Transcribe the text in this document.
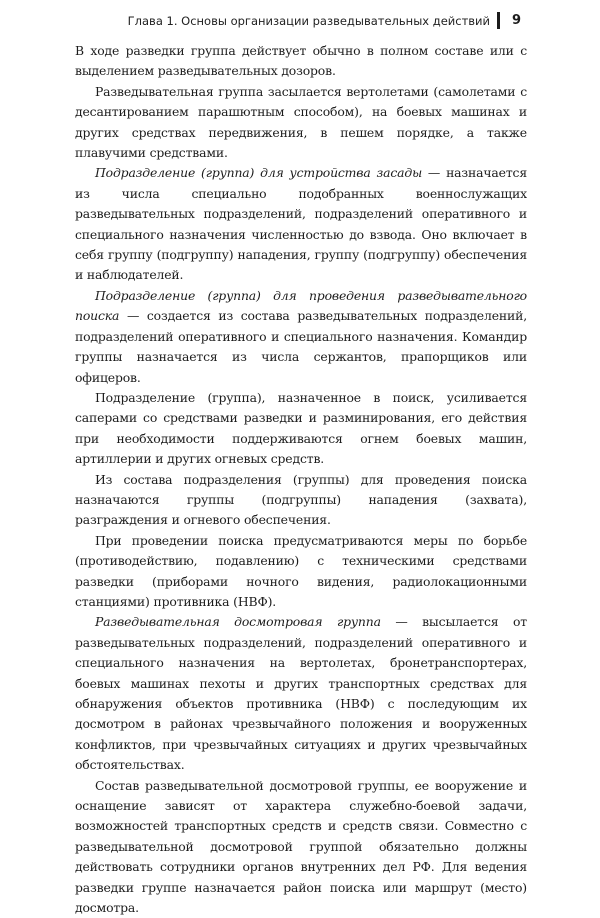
Глава 1. Основы организации разведывательных действий 9

В ходе разведки группа действует обычно в полном составе или с выделением разведывательных дозоров.

Разведывательная группа засылается вертолетами (самолетами с десантированием парашютным способом), на боевых машинах и других средствах передвижения, в пешем порядке, а также плавучими средствами.

Подразделение (группа) для устройства засады — назначается из числа специально подобранных военнослужащих разведывательных подразделений, подразделений оперативного и специального назначения численностью до взвода. Оно включает в себя группу (подгруппу) нападения, группу (подгруппу) обеспечения и наблюдателей.

Подразделение (группа) для проведения разведывательного поиска — создается из состава разведывательных подразделений, подразделений оперативного и специального назначения. Командир группы назначается из числа сержантов, прапорщиков или офицеров.

Подразделение (группа), назначенное в поиск, усиливается саперами со средствами разведки и разминирования, его действия при необходимости поддерживаются огнем боевых машин, артиллерии и других огневых средств.

Из состава подразделения (группы) для проведения поиска назначаются группы (подгруппы) нападения (захвата), разграждения и огневого обеспечения.

При проведении поиска предусматриваются меры по борьбе (противодействию, подавлению) с техническими средствами разведки (приборами ночного видения, радиолокационными станциями) противника (НВФ).

Разведывательная досмотровая группа — высылается от разведывательных подразделений, подразделений оперативного и специального назначения на вертолетах, бронетранспортерах, боевых машинах пехоты и других транспортных средствах для обнаружения объектов противника (НВФ) с последующим их досмотром в районах чрезвычайного положения и вооруженных конфликтов, при чрезвычайных ситуациях и других чрезвычайных обстоятельствах.

Состав разведывательной досмотровой группы, ее вооружение и оснащение зависят от характера служебно-боевой задачи, возможностей транспортных средств и средств связи. Совместно с разведывательной досмотровой группой обязательно должны действовать сотрудники органов внутренних дел РФ. Для ведения разведки группе назначается район поиска или маршрут (место) досмотра.
